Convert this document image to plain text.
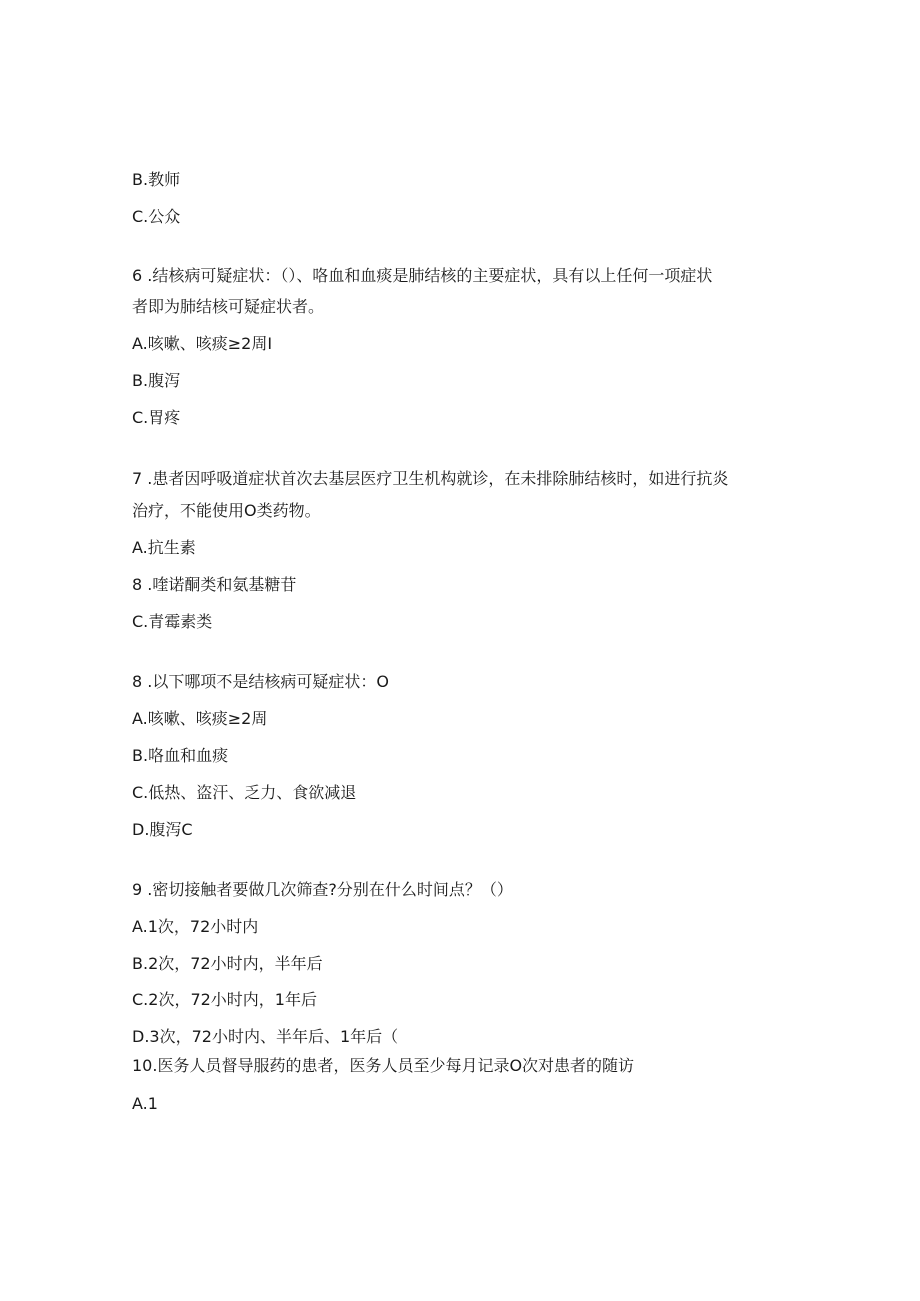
B.教师
C.公众
6 .结核病可疑症状：（）、咯血和血痰是肺结核的主要症状，具有以上任何一项症状
者即为肺结核可疑症状者。
A.咳嗽、咳痰≥2周I
B.腹泻
C.胃疼
7 .患者因呼吸道症状首次去基层医疗卫生机构就诊，在未排除肺结核时，如进行抗炎
治疗，不能使用O类药物。
A.抗生素
8 .喹诺酮类和氨基糖苷
C.青霉素类
8 .以下哪项不是结核病可疑症状：O
A.咳嗽、咳痰≥2周
B.咯血和血痰
C.低热、盗汗、乏力、食欲减退
D.腹泻C
9 .密切接触者要做几次筛查?分别在什么时间点？（）
A.1次，72小时内
B.2次，72小时内，半年后
C.2次，72小时内，1年后
D.3次，72小时内、半年后、1年后（
10.医务人员督导服药的患者，医务人员至少每月记录O次对患者的随访
A.1
